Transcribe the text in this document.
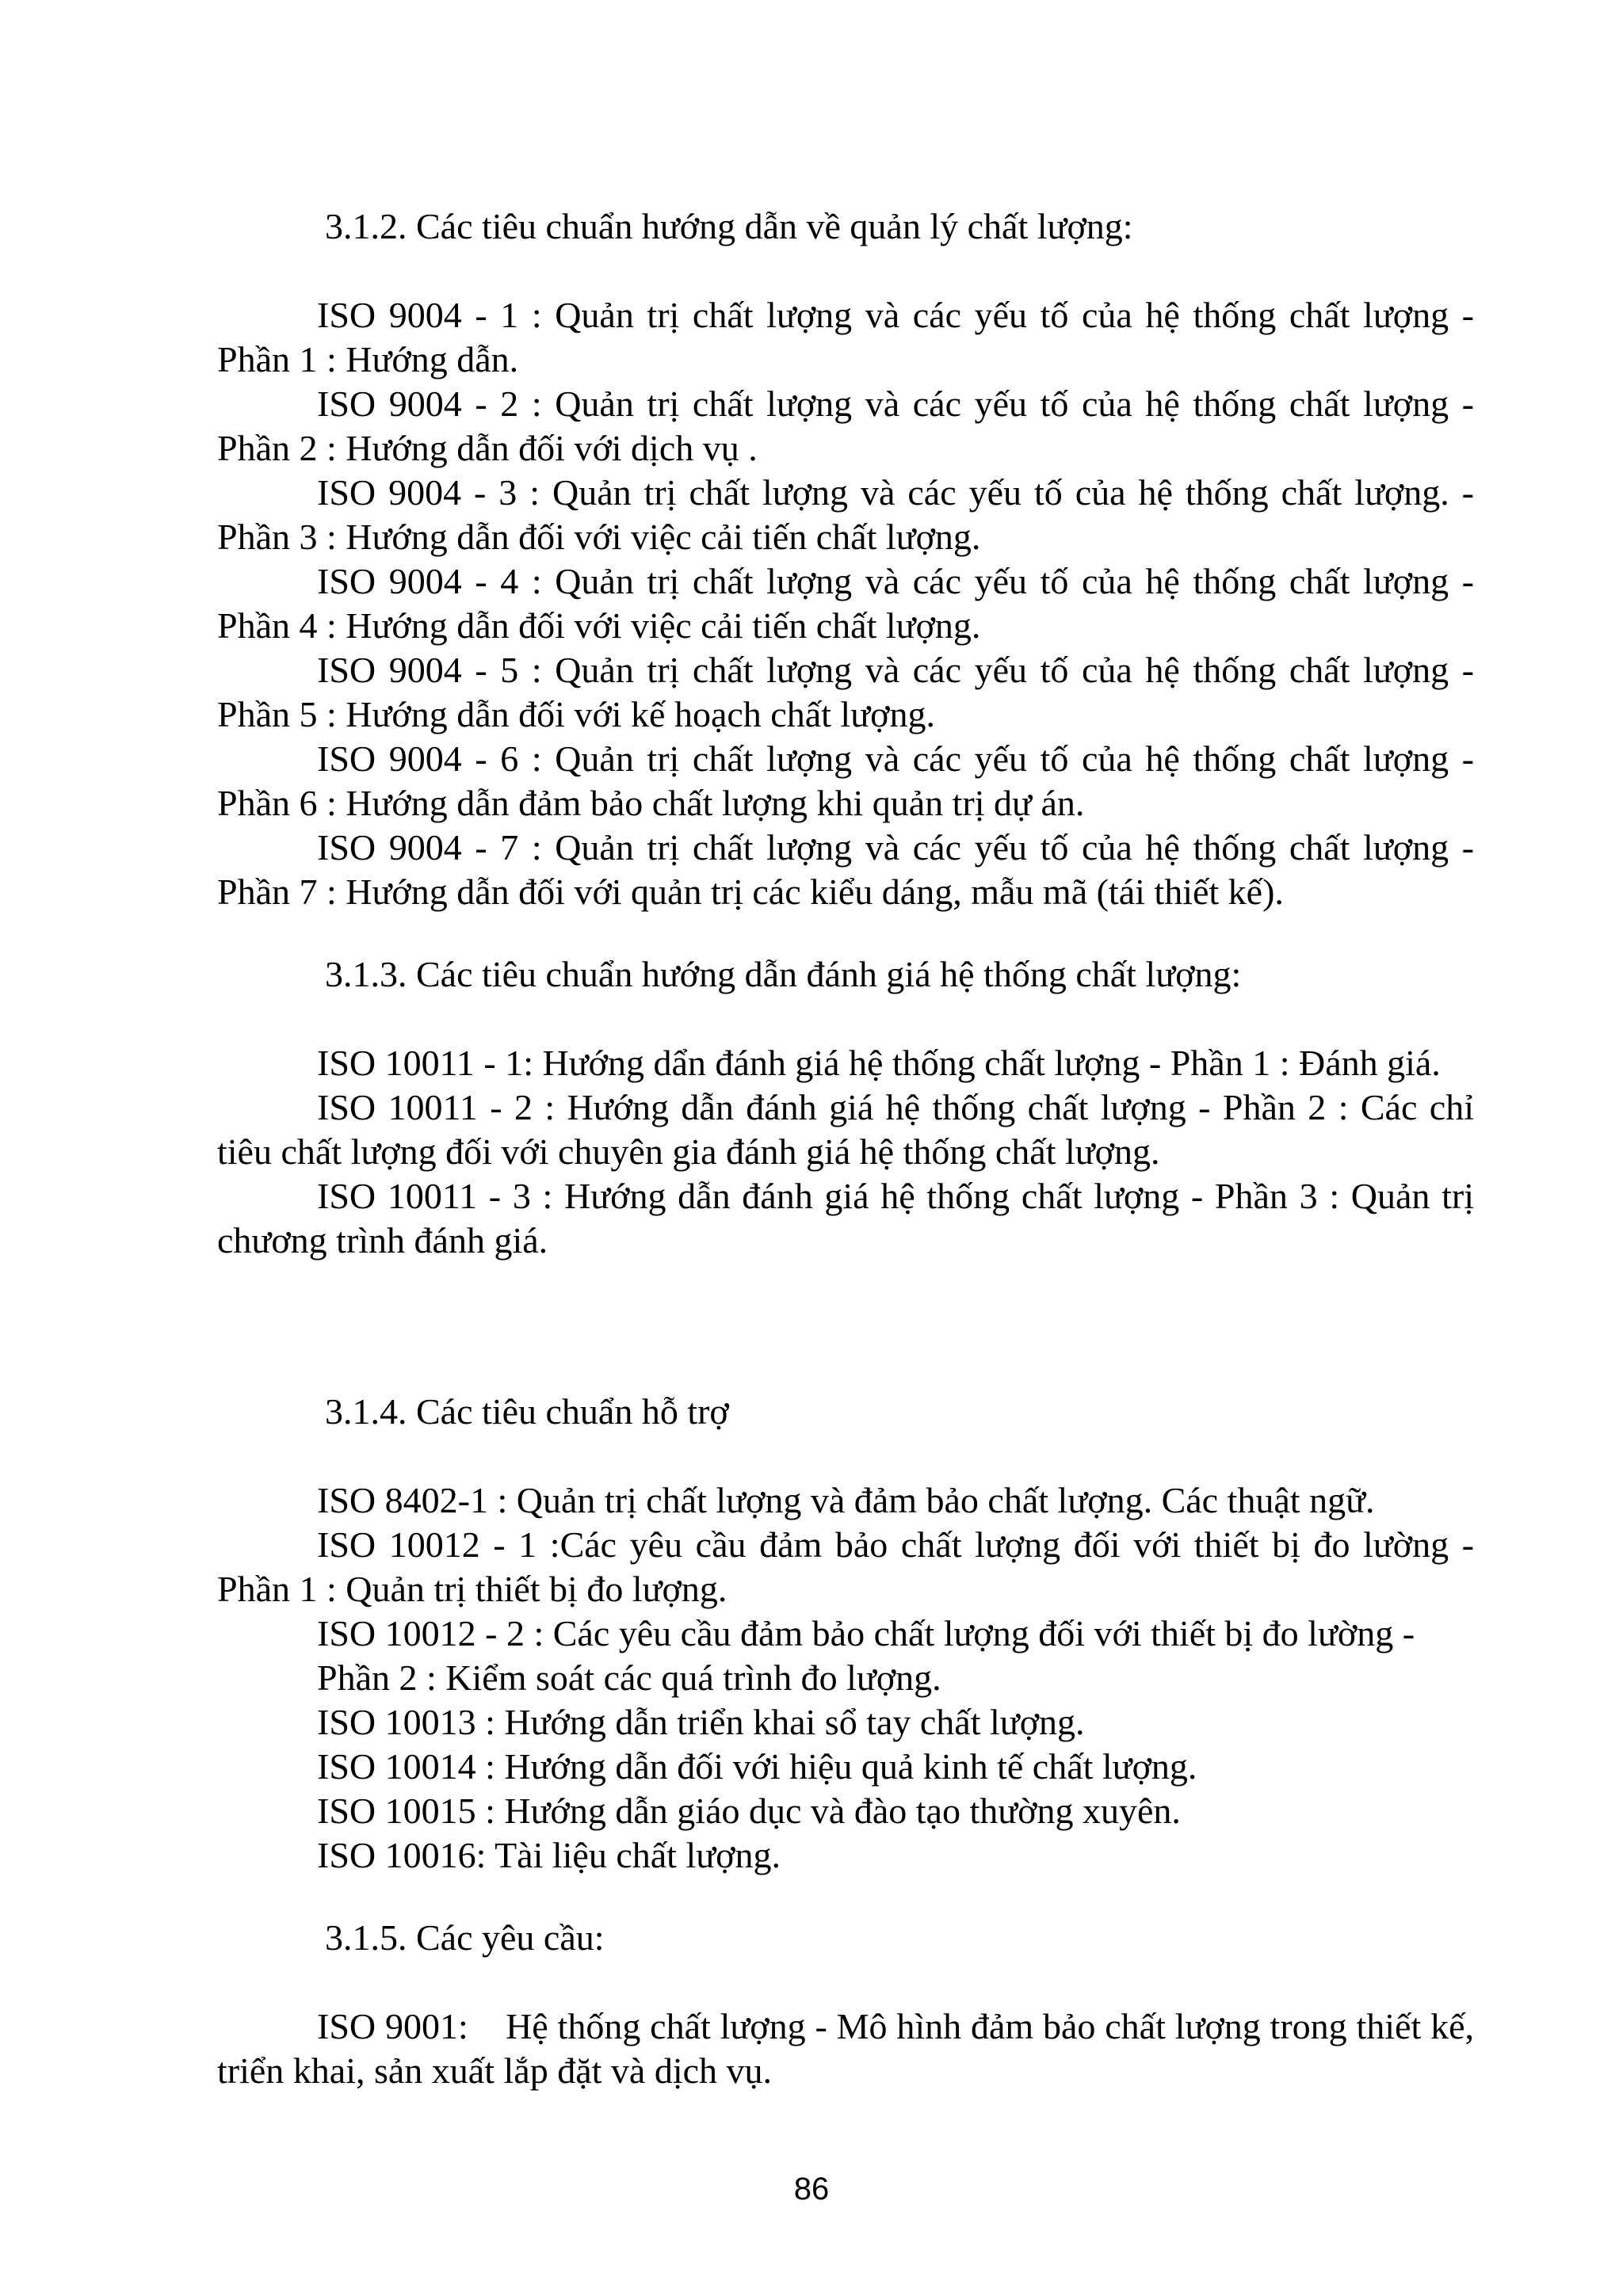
3.1.2. Các tiêu chuẩn hướng dẫn về quản lý chất lượng:

ISO 9004 - 1 : Quản trị chất lượng và các yếu tố của hệ thống chất lượng - Phần 1 : Hướng dẫn.

ISO 9004 - 2 : Quản trị chất lượng và các yếu tố của hệ thống chất lượng - Phần 2 : Hướng dẫn đối với dịch vụ .

ISO 9004 - 3 : Quản trị chất lượng và các yếu tố của hệ thống chất lượng. - Phần 3 : Hướng dẫn đối với việc cải tiến chất lượng.

ISO 9004 - 4 : Quản trị chất lượng và các yếu tố của hệ thống chất lượng - Phần 4 : Hướng dẫn đối với việc cải tiến chất lượng.

ISO 9004 - 5 : Quản trị chất lượng và các yếu tố của hệ thống chất lượng - Phần 5 : Hướng dẫn đối với kế hoạch chất lượng.

ISO 9004 - 6 : Quản trị chất lượng và các yếu tố của hệ thống chất lượng - Phần 6 : Hướng dẫn đảm bảo chất lượng khi quản trị dự án.

ISO 9004 - 7 : Quản trị chất lượng và các yếu tố của hệ thống chất lượng - Phần 7 : Hướng dẫn đối với quản trị các kiểu dáng, mẫu mã (tái thiết kế).

3.1.3. Các tiêu chuẩn hướng dẫn đánh giá hệ thống chất lượng:

ISO 10011 - 1: Hướng dẩn đánh giá hệ thống chất lượng - Phần 1 : Đánh giá.

ISO 10011 - 2 : Hướng dẫn đánh giá hệ thống chất lượng - Phần 2 : Các chỉ tiêu chất lượng đối với chuyên gia đánh giá hệ thống chất lượng.

ISO 10011 - 3 : Hướng dẫn đánh giá hệ thống chất lượng - Phần 3 : Quản trị chương trình đánh giá.

3.1.4. Các tiêu chuẩn hỗ trợ

ISO 8402-1 : Quản trị chất lượng và đảm bảo chất lượng. Các thuật ngữ.

ISO 10012 - 1 :Các yêu cầu đảm bảo chất lượng đối với thiết bị đo lường - Phần 1 : Quản trị thiết bị đo lượng.

ISO 10012 - 2 : Các yêu cầu đảm bảo chất lượng đối với thiết bị đo lường -

Phần 2 : Kiểm soát các quá trình đo lượng.

ISO 10013 : Hướng dẫn triển khai sổ tay chất lượng.

ISO 10014 : Hướng dẫn đối với hiệu quả kinh tế chất lượng.

ISO 10015 : Hướng dẫn giáo dục và đào tạo thường xuyên.

ISO 10016: Tài liệu chất lượng.

3.1.5. Các yêu cầu:

ISO 9001:    Hệ thống chất lượng - Mô hình đảm bảo chất lượng trong thiết kế, triển khai, sản xuất lắp đặt và dịch vụ.

86
